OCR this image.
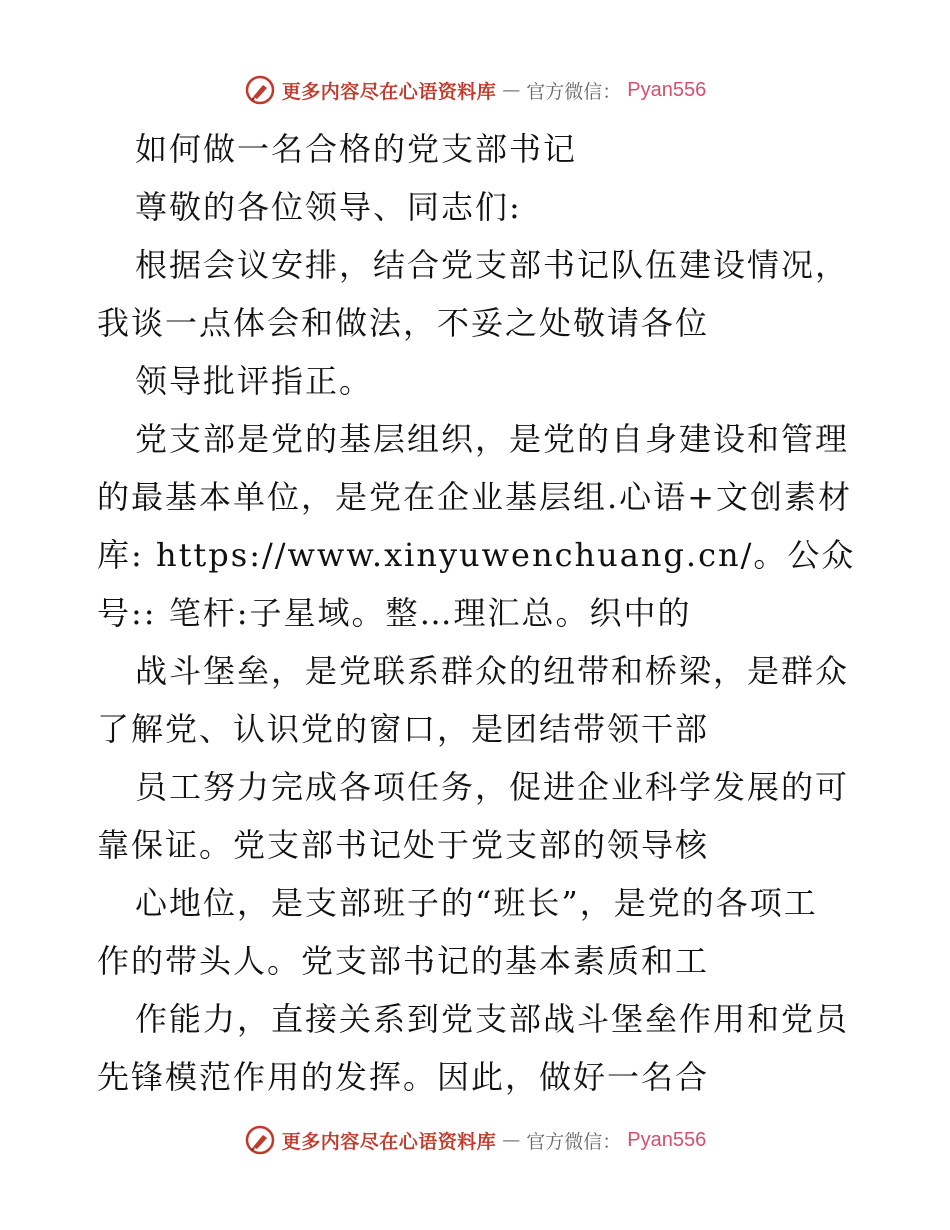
更多内容尽在心语资料库 — 官方微信： Pyan556
如何做一名合格的党支部书记
尊敬的各位领导、同志们:
根据会议安排，结合党支部书记队伍建设情况，
我谈一点体会和做法，不妥之处敬请各位
领导批评指正。
党支部是党的基层组织，是党的自身建设和管理
的最基本单位，是党在企业基层组.心语+文创素材
库: https://www.xinyuwenchuang.cn/。公众
号:: 笔杆:子星域。整…理汇总。织中的
战斗堡垒，是党联系群众的纽带和桥梁，是群众
了解党、认识党的窗口，是团结带领干部
员工努力完成各项任务，促进企业科学发展的可
靠保证。党支部书记处于党支部的领导核
心地位，是支部班子的“班长”，是党的各项工
作的带头人。党支部书记的基本素质和工
作能力，直接关系到党支部战斗堡垒作用和党员
先锋模范作用的发挥。因此，做好一名合
更多内容尽在心语资料库 — 官方微信： Pyan556
